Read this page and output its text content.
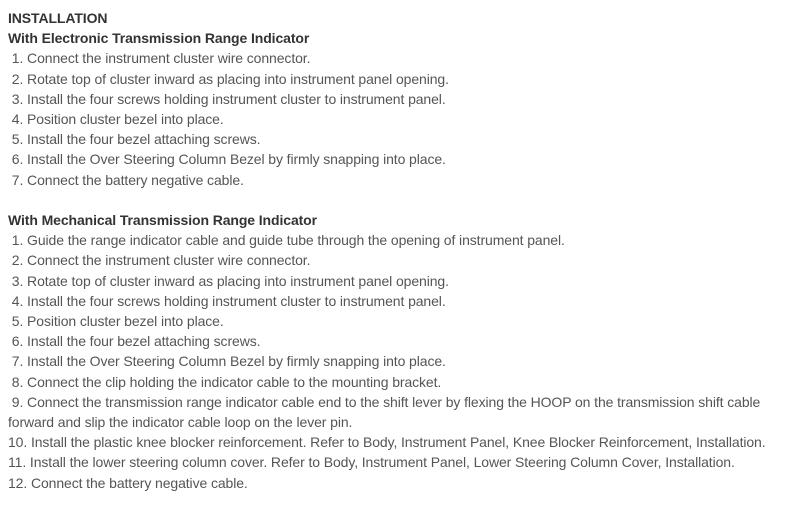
INSTALLATION
With Electronic Transmission Range Indicator
1. Connect the instrument cluster wire connector.
2. Rotate top of cluster inward as placing into instrument panel opening.
3. Install the four screws holding instrument cluster to instrument panel.
4. Position cluster bezel into place.
5. Install the four bezel attaching screws.
6. Install the Over Steering Column Bezel by firmly snapping into place.
7. Connect the battery negative cable.
With Mechanical Transmission Range Indicator
1. Guide the range indicator cable and guide tube through the opening of instrument panel.
2. Connect the instrument cluster wire connector.
3. Rotate top of cluster inward as placing into instrument panel opening.
4. Install the four screws holding instrument cluster to instrument panel.
5. Position cluster bezel into place.
6. Install the four bezel attaching screws.
7. Install the Over Steering Column Bezel by firmly snapping into place.
8. Connect the clip holding the indicator cable to the mounting bracket.
9. Connect the transmission range indicator cable end to the shift lever by flexing the HOOP on the transmission shift cable forward and slip the indicator cable loop on the lever pin.
10. Install the plastic knee blocker reinforcement. Refer to Body, Instrument Panel, Knee Blocker Reinforcement, Installation.
11. Install the lower steering column cover. Refer to Body, Instrument Panel, Lower Steering Column Cover, Installation.
12. Connect the battery negative cable.
